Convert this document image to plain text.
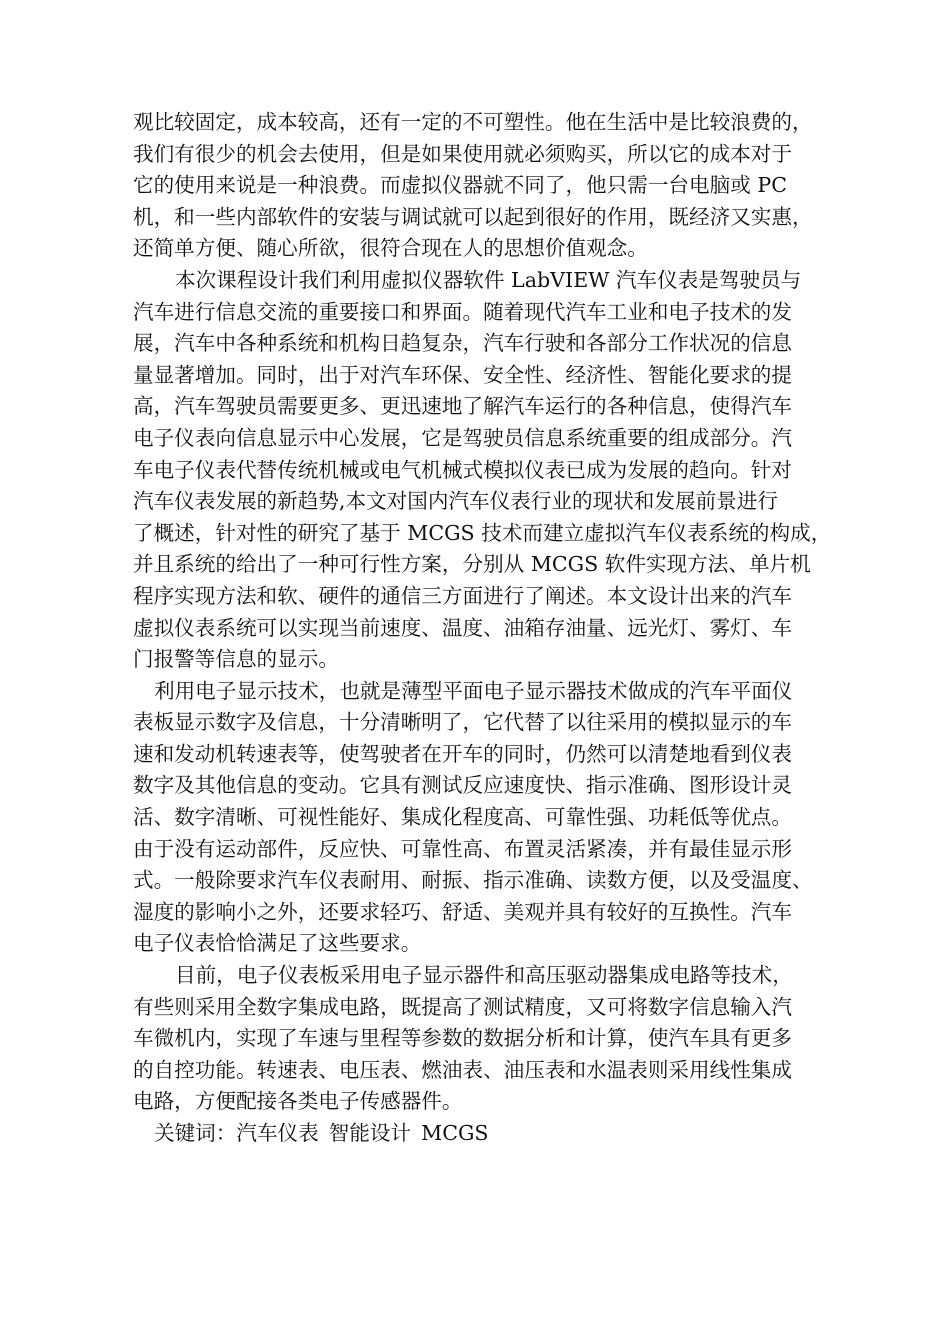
观比较固定，成本较高，还有一定的不可塑性。他在生活中是比较浪费的，
我们有很少的机会去使用，但是如果使用就必须购买，所以它的成本对于
它的使用来说是一种浪费。而虚拟仪器就不同了，他只需一台电脑或 PC
机，和一些内部软件的安装与调试就可以起到很好的作用，既经济又实惠，
还简单方便、随心所欲，很符合现在人的思想价值观念。
本次课程设计我们利用虚拟仪器软件 LabVIEW 汽车仪表是驾驶员与
汽车进行信息交流的重要接口和界面。随着现代汽车工业和电子技术的发
展，汽车中各种系统和机构日趋复杂，汽车行驶和各部分工作状况的信息
量显著增加。同时，出于对汽车环保、安全性、经济性、智能化要求的提
高，汽车驾驶员需要更多、更迅速地了解汽车运行的各种信息，使得汽车
电子仪表向信息显示中心发展，它是驾驶员信息系统重要的组成部分。汽
车电子仪表代替传统机械或电气机械式模拟仪表已成为发展的趋向。针对
汽车仪表发展的新趋势,本文对国内汽车仪表行业的现状和发展前景进行
了概述，针对性的研究了基于 MCGS 技术而建立虚拟汽车仪表系统的构成，
并且系统的给出了一种可行性方案，分别从 MCGS 软件实现方法、单片机
程序实现方法和软、硬件的通信三方面进行了阐述。本文设计出来的汽车
虚拟仪表系统可以实现当前速度、温度、油箱存油量、远光灯、雾灯、车
门报警等信息的显示。
利用电子显示技术，也就是薄型平面电子显示器技术做成的汽车平面仪
表板显示数字及信息，十分清晰明了，它代替了以往采用的模拟显示的车
速和发动机转速表等，使驾驶者在开车的同时，仍然可以清楚地看到仪表
数字及其他信息的变动。它具有测试反应速度快、指示准确、图形设计灵
活、数字清晰、可视性能好、集成化程度高、可靠性强、功耗低等优点。
由于没有运动部件，反应快、可靠性高、布置灵活紧凑，并有最佳显示形
式。一般除要求汽车仪表耐用、耐振、指示准确、读数方便，以及受温度、
湿度的影响小之外，还要求轻巧、舒适、美观并具有较好的互换性。汽车
电子仪表恰恰满足了这些要求。
目前，电子仪表板采用电子显示器件和高压驱动器集成电路等技术，
有些则采用全数字集成电路，既提高了测试精度，又可将数字信息输入汽
车微机内，实现了车速与里程等参数的数据分析和计算，使汽车具有更多
的自控功能。转速表、电压表、燃油表、油压表和水温表则采用线性集成
电路，方便配接各类电子传感器件。
关键词：汽车仪表 智能设计 MCGS
